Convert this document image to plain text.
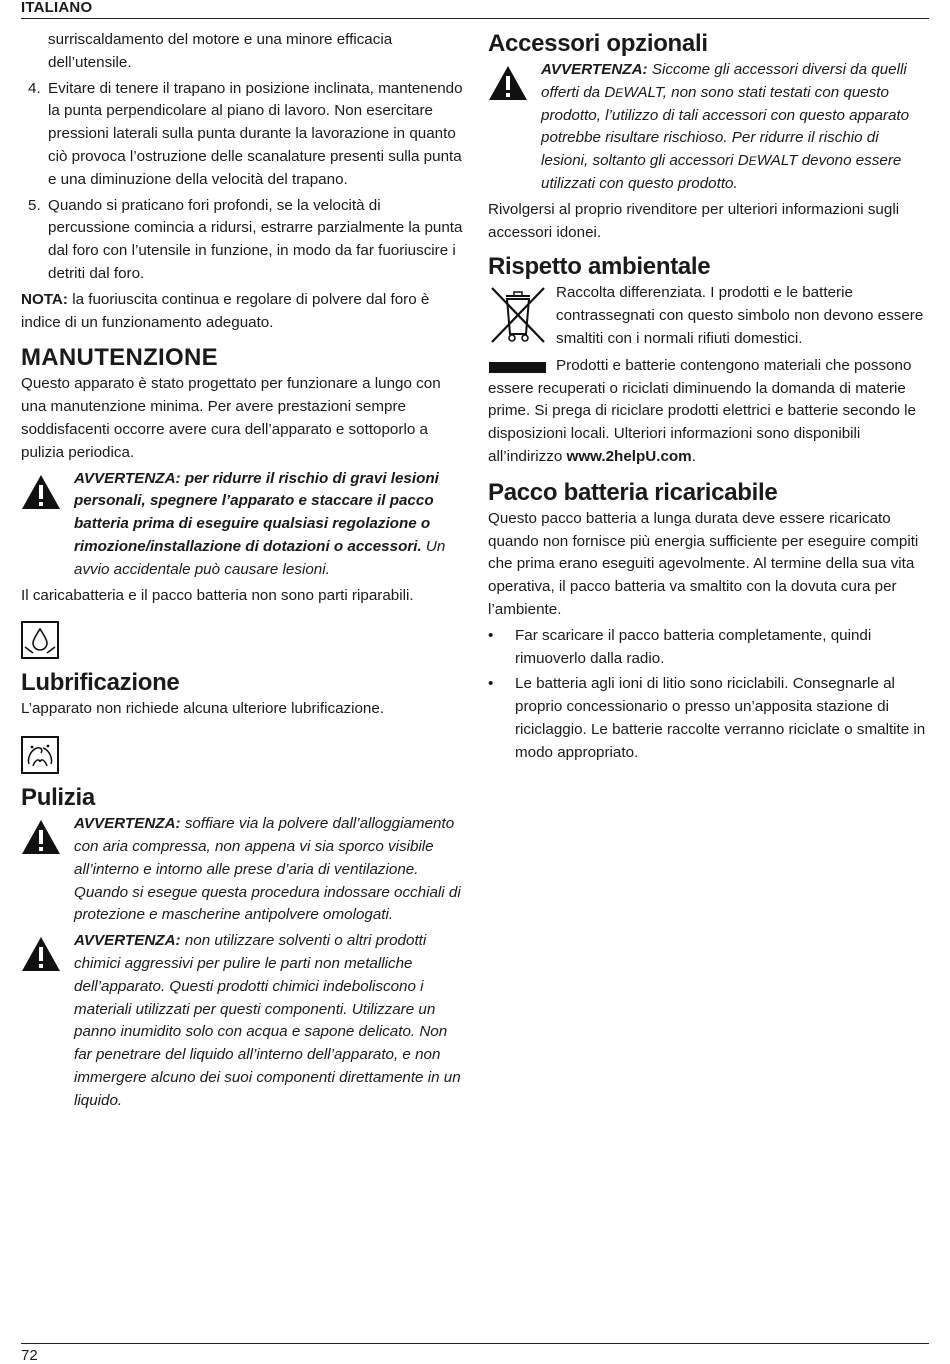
ITALIANO

surriscaldamento del motore e una minore efficacia dell’utensile.

4. Evitare di tenere il trapano in posizione inclinata, mantenendo la punta perpendicolare al piano di lavoro. Non esercitare pressioni laterali sulla punta durante la lavorazione in quanto ciò provoca l’ostruzione delle scanalature presenti sulla punta e una diminuzione della velocità del trapano.
5. Quando si praticano fori profondi, se la velocità di percussione comincia a ridursi, estrarre parzialmente la punta dal foro con l’utensile in funzione, in modo da far fuoriuscire i detriti dal foro.

NOTA: la fuoriuscita continua e regolare di polvere dal foro è indice di un funzionamento adeguato.

MANUTENZIONE

Questo apparato è stato progettato per funzionare a lungo con una manutenzione minima. Per avere prestazioni sempre soddisfacenti occorre avere cura dell’apparato e sottoporlo a pulizia periodica.

AVVERTENZA: per ridurre il rischio di gravi lesioni personali, spegnere l’apparato e staccare il pacco batteria prima di eseguire qualsiasi regolazione o rimozione/installazione di dotazioni o accessori. Un avvio accidentale può causare lesioni.

Il caricabatteria e il pacco batteria non sono parti riparabili.

Lubrificazione

L’apparato non richiede alcuna ulteriore lubrificazione.

Pulizia
AVVERTENZA: soffiare via la polvere dall’alloggiamento con aria compressa, non appena vi sia sporco visibile all’interno e intorno alle prese d’aria di ventilazione. Quando si esegue questa procedura indossare occhiali di protezione e mascherine antipolvere omologati.
AVVERTENZA: non utilizzare solventi o altri prodotti chimici aggressivi per pulire le parti non metalliche dell’apparato. Questi prodotti chimici indeboliscono i materiali utilizzati per questi componenti. Utilizzare un panno inumidito solo con acqua e sapone delicato. Non far penetrare del liquido all’interno dell’apparato, e non immergere alcuno dei suoi componenti direttamente in un liquido.
Accessori opzionali
AVVERTENZA: Siccome gli accessori diversi da quelli offerti da DEWALT, non sono stati testati con questo prodotto, l’utilizzo di tali accessori con questo apparato potrebbe risultare rischioso. Per ridurre il rischio di lesioni, soltanto gli accessori DEWALT devono essere utilizzati con questo prodotto.

Rivolgersi al proprio rivenditore per ulteriori informazioni sugli accessori idonei.

Rispetto ambientale
Raccolta differenziata. I prodotti e le batterie contrassegnati con questo simbolo non devono essere smaltiti con i normali rifiuti domestici.

Prodotti e batterie contengono materiali che possono essere recuperati o riciclati diminuendo la domanda di materie prime. Si prega di riciclare prodotti elettrici e batterie secondo le disposizioni locali. Ulteriori informazioni sono disponibili all’indirizzo www.2helpU.com.

Pacco batteria ricaricabile

Questo pacco batteria a lunga durata deve essere ricaricato quando non fornisce più energia sufficiente per eseguire compiti che prima erano eseguiti agevolmente. Al termine della sua vita operativa, il pacco batteria va smaltito con la dovuta cura per l’ambiente.

• Far scaricare il pacco batteria completamente, quindi rimuoverlo dalla radio.
• Le batteria agli ioni di litio sono riciclabili. Consegnarle al proprio concessionario o presso un’apposita stazione di riciclaggio. Le batterie raccolte verranno riciclate o smaltite in modo appropriato.
72
